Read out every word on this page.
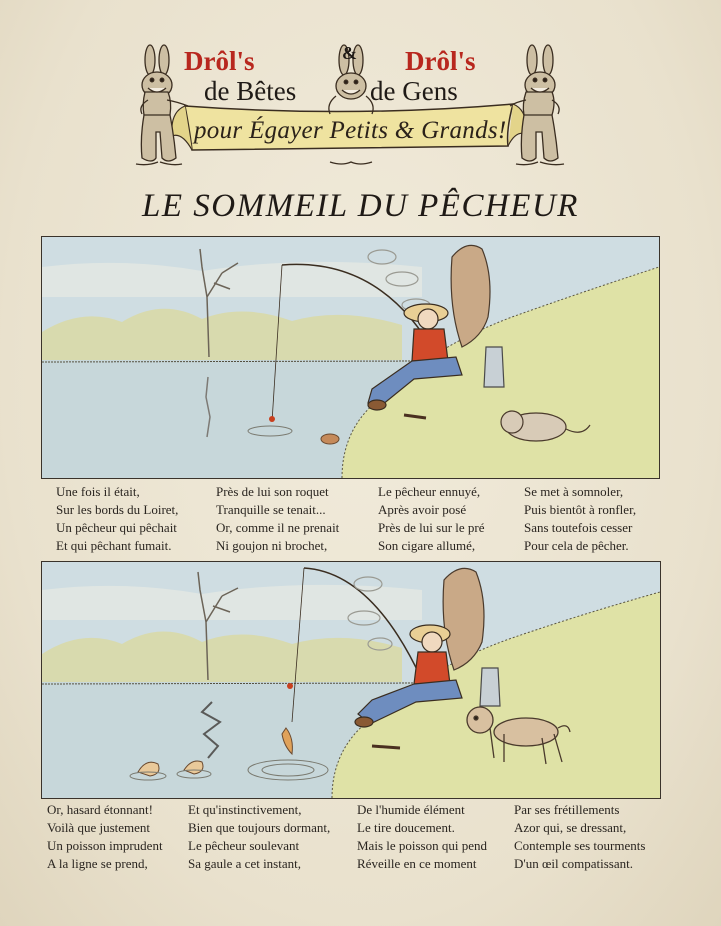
Drôl's	& Drôl's
de Bêtes	de Gens
pour Égayer Petits & Grands!
LE SOMMEIL DU PÊCHEUR
Une fois il était,
Sur les bords du Loiret,
Un pêcheur qui pêchait
Et qui pêchant fumait.
Près de lui son roquet
Tranquille se tenait...
Or, comme il ne prenait
Ni goujon ni brochet,
Le pêcheur ennuyé,
Après avoir posé
Près de lui sur le pré
Son cigare allumé,
Se met à somnoler,
Puis bientôt à ronfler,
Sans toutefois cesser
Pour cela de pêcher.
Or, hasard étonnant!
Voilà que justement
Un poisson imprudent
A la ligne se prend,
Et qu'instinctivement,
Bien que toujours dormant,
Le pêcheur soulevant
Sa gaule a cet instant,
De l'humide élément
Le tire doucement.
Mais le poisson qui pend
Réveille en ce moment
Par ses frétillements
Azor qui, se dressant,
Contemple ses tourments
D'un œil compatissant.
